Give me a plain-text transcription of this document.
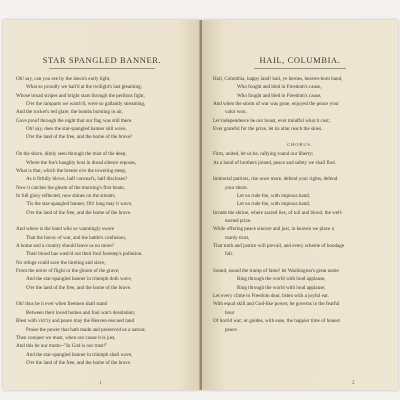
STAR SPANGLED BANNER.
Oh! say, can you see by the dawn's early light,
What so proudly we hail'd at the twilight's last gleaming;
Whose broad stripes and bright stars through the perilous fight,
O'er the ramparts we watch'd, were so gallantly streaming,
And the rocket's red glare, the bombs bursting in air,
Gave proof through the night that our flag was still there.
Oh! say, does the star-spangled banner still wave,
O'er the land of the free, and the home of the brave?
On the shore, dimly seen through the mist of the deep,
Where the foe's haughty host in dread silence reposes,
What is that, which the breeze o'er the towering steep,
As it fitfully blows, half conceal's, half discloses?
Now it catches the gleam of the morning's first beam,
In full glory reflected, now shines on the stream;
'Tis the star-spangled banner, Oh! long may it wave,
O'er the land of the free, and the home of the brave.
And where is the band who so vauntingly swore
That the havoc of war, and the battle's confusion,
A home and a country should leave us no more?
Their blood has wash'd out their foul footstep's pollution.
No refuge could save the hireling and slave,
From the terror of flight or the gloom of the grave;
And the star-spangled banner in triumph doth wave,
O'er the land of the free, and the home of the brave.
Oh! thus be it ever when freemen shall stand
Between their loved homes and foul war's desolation;
Blest with vict'ry and peace may the Heaven-rescued land
Praise the power that hath made and preserved us a nation;
Then conquer we must, when our cause it is just,
And this be our motto--"In God is our trust!"
And the star-spangled banner in triumph shall wave,
O'er the land of the free, and the home of the brave.
1
HAIL, COLUMBIA.
Hail, Columbia, happy land! hail, ye heroes, heaven-born band,
Who fought and bled in Freedom's cause,
Who fought and bled in Freedom's cause,
And when the storm of war was gone, enjoyed the peace your
valor won.
Let independence be our boast, ever mindful what it cost;
Ever grateful for the prize, let its altar reach the skies.
Firm, united, let us be, rallying round our liberty;
As a band of brothers joined, peace and safety we shall find.
Immortal patriots, rise once more, defend your rights, defend
your shore.
Let no rude foe, with impious hand,
Let no rude foe, with impious hand,
Invade the shrine, where sacred lies, of toil and blood, the well-
earned prize.
While offering peace sincere and just, in heaven we place a
manly trust,
That truth and justice will prevail, and every scheme of bondage
fail.
Sound, sound the trump of fame! let Washington's great name
Ring through the world with loud applause,
Ring through the world with loud applause,
Let every clime to Freedom dear, listen with a joyful ear.
With equal skill and God-like power, he governs in the fearful
hour
Of horrid war; or guides, with ease, the happier time of honest
peace.
CHORUS.
2
